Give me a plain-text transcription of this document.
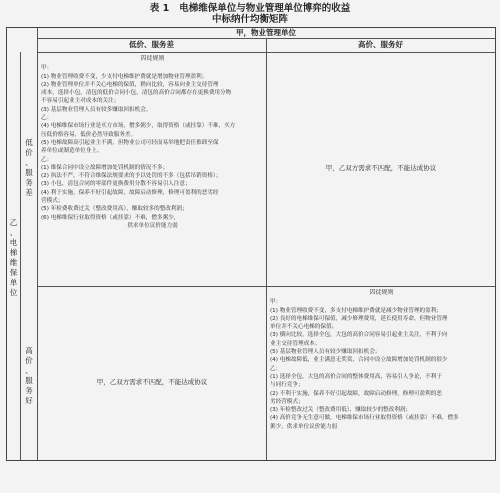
表 1 电梯维保单位与物业管理单位博弈的收益
中标纳什均衡矩阵
甲，物业管理单位
低价、服务差	高价、服务好
乙
、
电
梯
维
保
单
位
低
价
、
服
务
差
高
价
、
服
务
好
囚徒规则
甲：
(1) 物业管理收费不变，少支付电梯维护费就是增加物业管理盈利；
(2) 物业管理单位并不关心电梯的保值，稍向比较，容易向业主交待管理
成本，选择小包，清包的低价合同小包，清包的高价合同都存在更换费用分物
不容易引起业主对成本的关注；
(3) 基层物业管理人员有较多赚取回扣机会。
乙：
(4) 电梯维保市场行业是买方市场，僧多粥少，取得资格（或挂靠）不难，买方
压低价格容易，低价必然导致服务差。
(5) 电梯故障高引起业主不满，但物业公司可轻而易举地把责任推卸至保
养单位或制造单位身上。
乙：
(1) 维保合同中设立故障增加处罚机制的情况不多；
(2) 执法不严，不符合维保法规要求的予以处罚的不多（包括吊销资格）；
(3) 小包，清包合同的零部件更换费用分散不容易引人注意；
(4) 利于实施，保养不好引起故障，故障启动修理，修理可盈利的恶劣经
营模式；
(5) 年检费收费过关（整改费用高），赚取较多的整改利润；
(6) 电梯维保行业取得资格（或挂靠）不难，僧多粥少，
供求单位议价能力弱
甲，乙双方需求不匹配，不能达成协议
甲，乙双方需求不匹配，不能达成协议
囚徒规则
甲：
(1) 物业管理收费不变，多支付电梯维护费就是减少物业管理的盈利；
(2) 良好的电梯维保可保值，减少修理费用，延长使用寿命，但物业管理
单位并不关心电梯的保值；
(3) 横向比较，选择全包，大包的高价合同容易引起业主关注，不利于向
业主交待管理成本；
(5) 基层物业管理人员有较少赚取回扣机会；
(4) 电梯故障低，业主满意无奖赏，合同中设立故障增加处罚机制的很少
乙：
(1) 选择全包，大包的高价合同的整体费用高，容易引人争论，不利于
与同行竞争；
(2) 不利于实施，保养不好引起故障，故障启动修理，修理可盈利的恶
劣经营模式；
(3) 年检整改过关（整改费用低），赚取较少的整改利润；
(4) 高价竞争无生意可做，电梯维保市场行业取得资格（或挂靠）不难，僧多
粥少，供求单位议价能力弱
